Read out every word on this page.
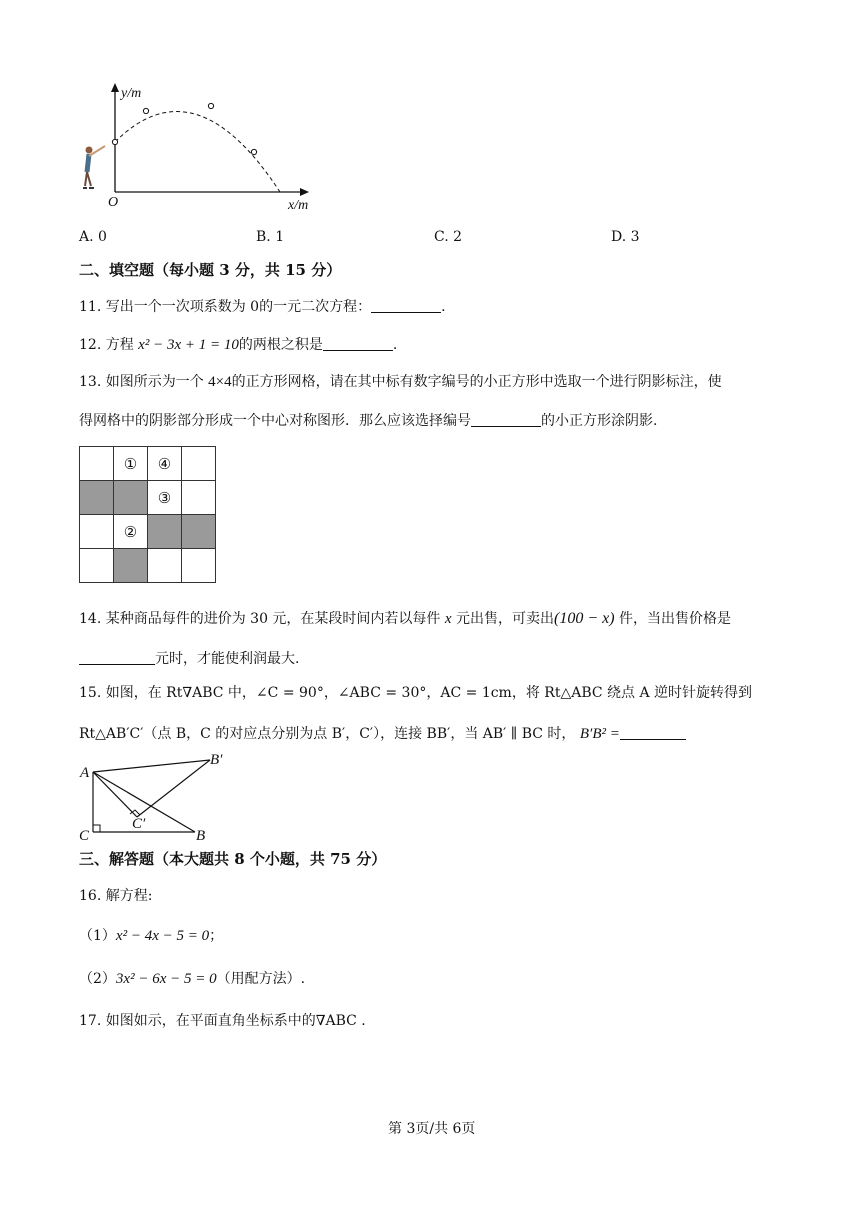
y/m
x/m
O
A. 0	B. 1	C. 2	D. 3
二、填空题（每小题 3 分，共 15 分）
11. 写出一个一次项系数为 0的一元二次方程：	.
12. 方程 x² − 3x + 1 = 10的两根之积是	.
13. 如图所示为一个 4×4的正方形网格，请在其中标有数字编号的小正方形中选取一个进行阴影标注，使
得网格中的阴影部分形成一个中心对称图形．那么应该选择编号	的小正方形涂阴影.
	①	④	
		③	
	②		

14. 某种商品每件的进价为 30 元，在某段时间内若以每件 x 元出售，可卖出(100 − x) 件，当出售价格是
元时，才能使利润最大.
15. 如图，在 Rt∇ABC 中，∠C = 90°，∠ABC = 30°，AC = 1cm，将 Rt△ABC 绕点 A 逆时针旋转得到
Rt△AB′C′（点 B，C 的对应点分别为点 B′，C′），连接 BB′，当 AB′ ∥ BC 时， B′B² =
A
B′
C′
C	B
三、解答题（本大题共 8 个小题，共 75 分）
16. 解方程:
（1）x² − 4x − 5 = 0；
（2）3x² − 6x − 5 = 0（用配方法）.
17. 如图如示，在平面直角坐标系中的∇ABC .
第 3页/共 6页
